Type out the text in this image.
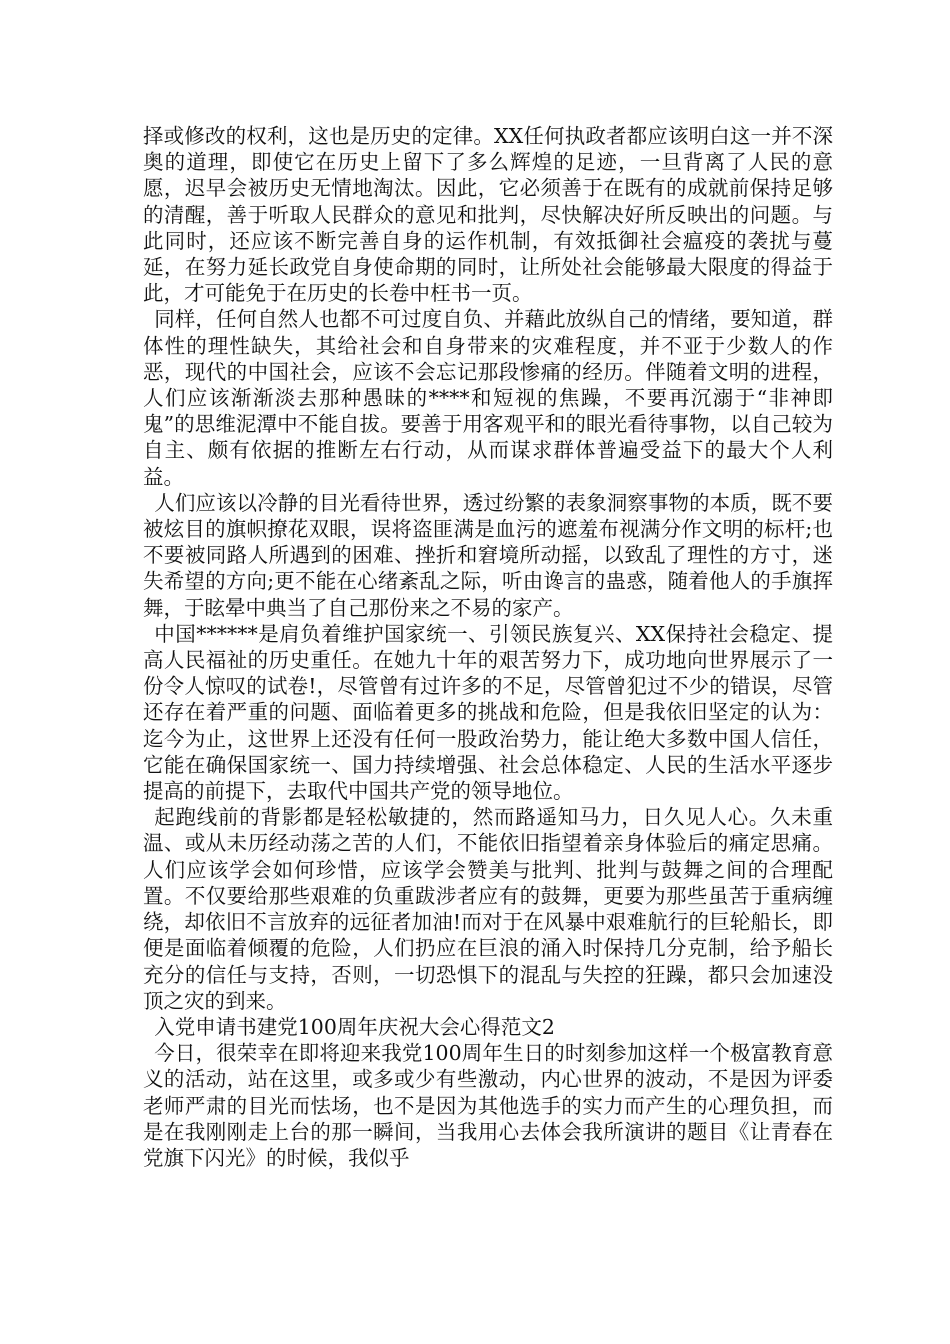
择或修改的权利，这也是历史的定律。XX任何执政者都应该明白这一并不深奥的道理，即使它在历史上留下了多么辉煌的足迹，一旦背离了人民的意愿，迟早会被历史无情地淘汰。因此，它必须善于在既有的成就前保持足够的清醒，善于听取人民群众的意见和批判，尽快解决好所反映出的问题。与此同时，还应该不断完善自身的运作机制，有效抵御社会瘟疫的袭扰与蔓延，在努力延长政党自身使命期的同时，让所处社会能够最大限度的得益于此，才可能免于在历史的长卷中枉书一页。

同样，任何自然人也都不可过度自负、并藉此放纵自己的情绪，要知道，群体性的理性缺失，其给社会和自身带来的灾难程度，并不亚于少数人的作恶，现代的中国社会，应该不会忘记那段惨痛的经历。伴随着文明的进程，人们应该渐渐淡去那种愚昧的****和短视的焦躁，不要再沉溺于“非神即鬼”的思维泥潭中不能自拔。要善于用客观平和的眼光看待事物，以自己较为自主、颇有依据的推断左右行动，从而谋求群体普遍受益下的最大个人利益。

人们应该以冷静的目光看待世界，透过纷繁的表象洞察事物的本质，既不要被炫目的旗帜撩花双眼，误将盗匪满是血污的遮羞布视满分作文明的标杆;也不要被同路人所遇到的困难、挫折和窘境所动摇，以致乱了理性的方寸，迷失希望的方向;更不能在心绪紊乱之际，听由谗言的蛊惑，随着他人的手旗挥舞，于眩晕中典当了自己那份来之不易的家产。

中国******是肩负着维护国家统一、引领民族复兴、XX保持社会稳定、提高人民福祉的历史重任。在她九十年的艰苦努力下，成功地向世界展示了一份令人惊叹的试卷!，尽管曾有过许多的不足，尽管曾犯过不少的错误，尽管还存在着严重的问题、面临着更多的挑战和危险，但是我依旧坚定的认为：迄今为止，这世界上还没有任何一股政治势力，能让绝大多数中国人信任，它能在确保国家统一、国力持续增强、社会总体稳定、人民的生活水平逐步提高的前提下，去取代中国共产党的领导地位。

起跑线前的背影都是轻松敏捷的，然而路遥知马力，日久见人心。久未重温、或从未历经动荡之苦的人们，不能依旧指望着亲身体验后的痛定思痛。人们应该学会如何珍惜，应该学会赞美与批判、批判与鼓舞之间的合理配置。不仅要给那些艰难的负重跋涉者应有的鼓舞，更要为那些虽苦于重病缠绕，却依旧不言放弃的远征者加油!而对于在风暴中艰难航行的巨轮船长，即便是面临着倾覆的危险，人们扔应在巨浪的涌入时保持几分克制，给予船长充分的信任与支持，否则，一切恐惧下的混乱与失控的狂躁，都只会加速没顶之灾的到来。

入党申请书建党100周年庆祝大会心得范文2

今日，很荣幸在即将迎来我党100周年生日的时刻参加这样一个极富教育意义的活动，站在这里，或多或少有些激动，内心世界的波动，不是因为评委老师严肃的目光而怯场，也不是因为其他选手的实力而产生的心理负担，而是在我刚刚走上台的那一瞬间，当我用心去体会我所演讲的题目《让青春在党旗下闪光》的时候，我似乎
